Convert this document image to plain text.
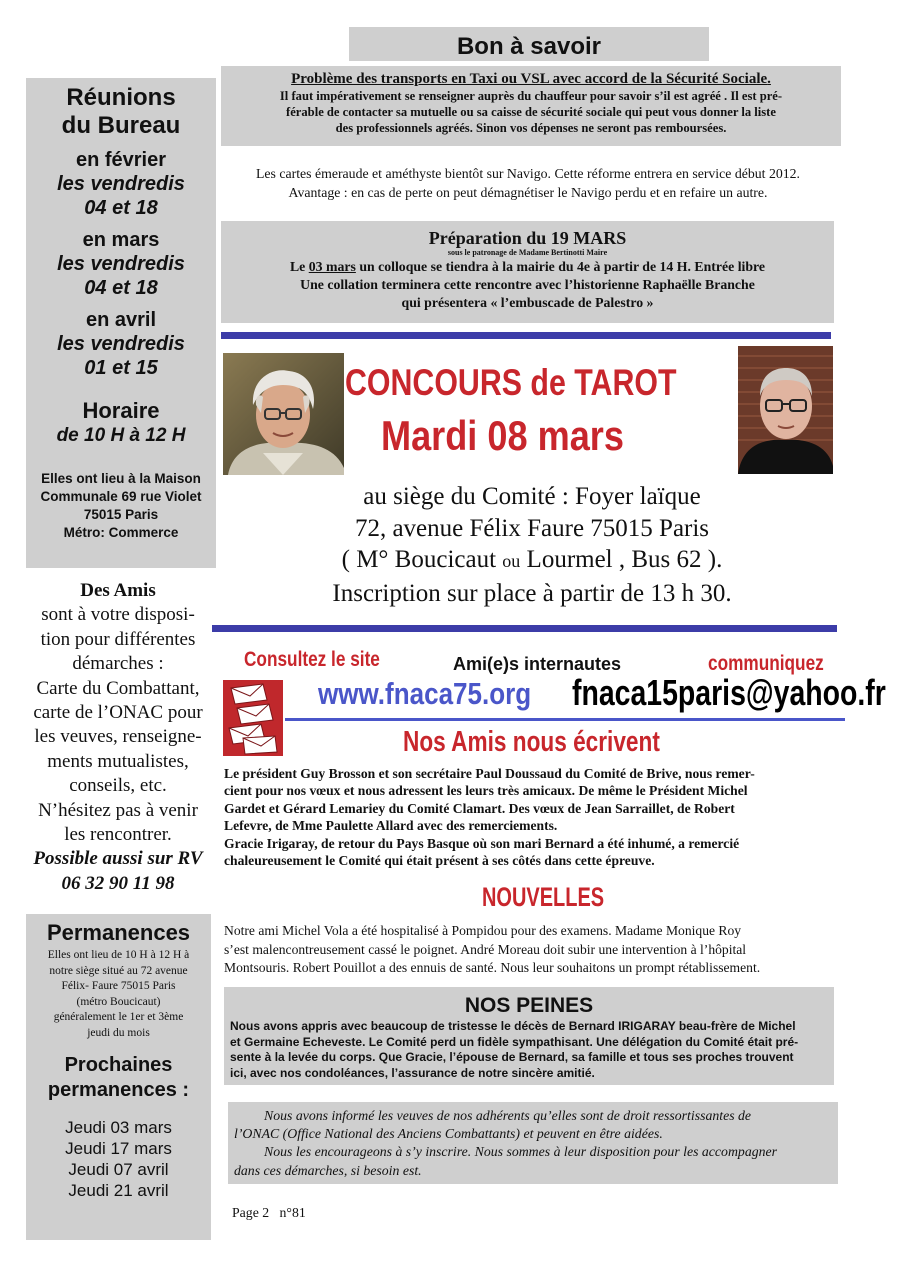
Bon à savoir
Réunions
du Bureau
en février
les vendredis
04 et 18
en mars
les vendredis
04 et 18
en avril
les vendredis
01 et 15
Horaire
de 10 H à 12 H
Elles ont lieu à la Maison
Communale 69 rue Violet
75015 Paris
Métro: Commerce
Des Amis
sont à votre disposi-
tion pour différentes
démarches :
Carte du Combattant,
carte de l’ONAC pour
les veuves, renseigne-
ments mutualistes,
conseils, etc.
N’hésitez pas à venir
les rencontrer.
Possible aussi sur RV
06 32 90 11 98
Permanences
Elles ont lieu de 10 H à 12 H à
notre siège situé au 72 avenue
Félix- Faure 75015 Paris
(métro Boucicaut)
généralement le 1er et 3ème
jeudi du mois
Prochaines
permanences :
Jeudi 03 mars
Jeudi 17 mars
Jeudi 07 avril
Jeudi 21 avril
Problème des transports en Taxi ou VSL avec accord de la Sécurité Sociale.
Il faut impérativement se renseigner auprès du chauffeur pour savoir s’il est agréé . Il est pré-
férable de contacter sa mutuelle ou sa caisse de sécurité sociale qui peut vous donner la liste
des professionnels agréés. Sinon vos dépenses ne seront pas remboursées.
Les cartes émeraude et améthyste bientôt sur Navigo. Cette réforme entrera en service début 2012.
Avantage : en cas de perte on peut démagnétiser le Navigo perdu et en refaire un autre.
Préparation du 19 MARS
sous le patronage de Madame Bertinotti Maire
Le 03 mars un colloque se tiendra à la mairie du 4e à partir de 14 H. Entrée libre
Une collation terminera cette rencontre avec l’historienne Raphaëlle Branche
qui présentera « l’embuscade de Palestro »
CONCOURS de TAROT
Mardi 08 mars
au siège du Comité : Foyer laïque
72, avenue Félix Faure 75015 Paris
( M° Boucicaut ou Lourmel , Bus 62 ).
Inscription sur place à partir de 13 h 30.
Consultez le site	Ami(e)s internautes	communiquez
www.fnaca75.org fnaca15paris@yahoo.fr
Nos Amis nous écrivent
Le président Guy Brosson et son secrétaire Paul Doussaud du Comité de Brive, nous remer-
cient pour nos vœux et nous adressent les leurs très amicaux. De même le Président Michel
Gardet et Gérard Lemariey du Comité Clamart. Des vœux de Jean Sarraillet, de Robert
Lefevre, de Mme Paulette Allard avec des remerciements.
Gracie Irigaray, de retour du Pays Basque où son mari Bernard a été inhumé, a remercié
chaleureusement le Comité qui était présent à ses côtés dans cette épreuve.
NOUVELLES
Notre ami Michel Vola a été hospitalisé à Pompidou pour des examens. Madame Monique Roy
s’est malencontreusement cassé le poignet. André Moreau doit subir une intervention à l’hôpital
Montsouris. Robert Pouillot a des ennuis de santé. Nous leur souhaitons un prompt rétablissement.
NOS PEINES
Nous avons appris avec beaucoup de tristesse le décès de Bernard IRIGARAY beau-frère de Michel
et Germaine Echeveste. Le Comité perd un fidèle sympathisant. Une délégation du Comité était pré-
sente à la levée du corps. Que Gracie, l’épouse de Bernard, sa famille et tous ses proches trouvent
ici, avec nos condoléances, l’assurance de notre sincère amitié.
Nous avons informé les veuves de nos adhérents qu’elles sont de droit ressortissantes de
l’ONAC (Office National des Anciens Combattants) et peuvent en être aidées.
Nous les encourageons à s’y inscrire. Nous sommes à leur disposition pour les accompagner
dans ces démarches, si besoin est.
Page 2 n°81
